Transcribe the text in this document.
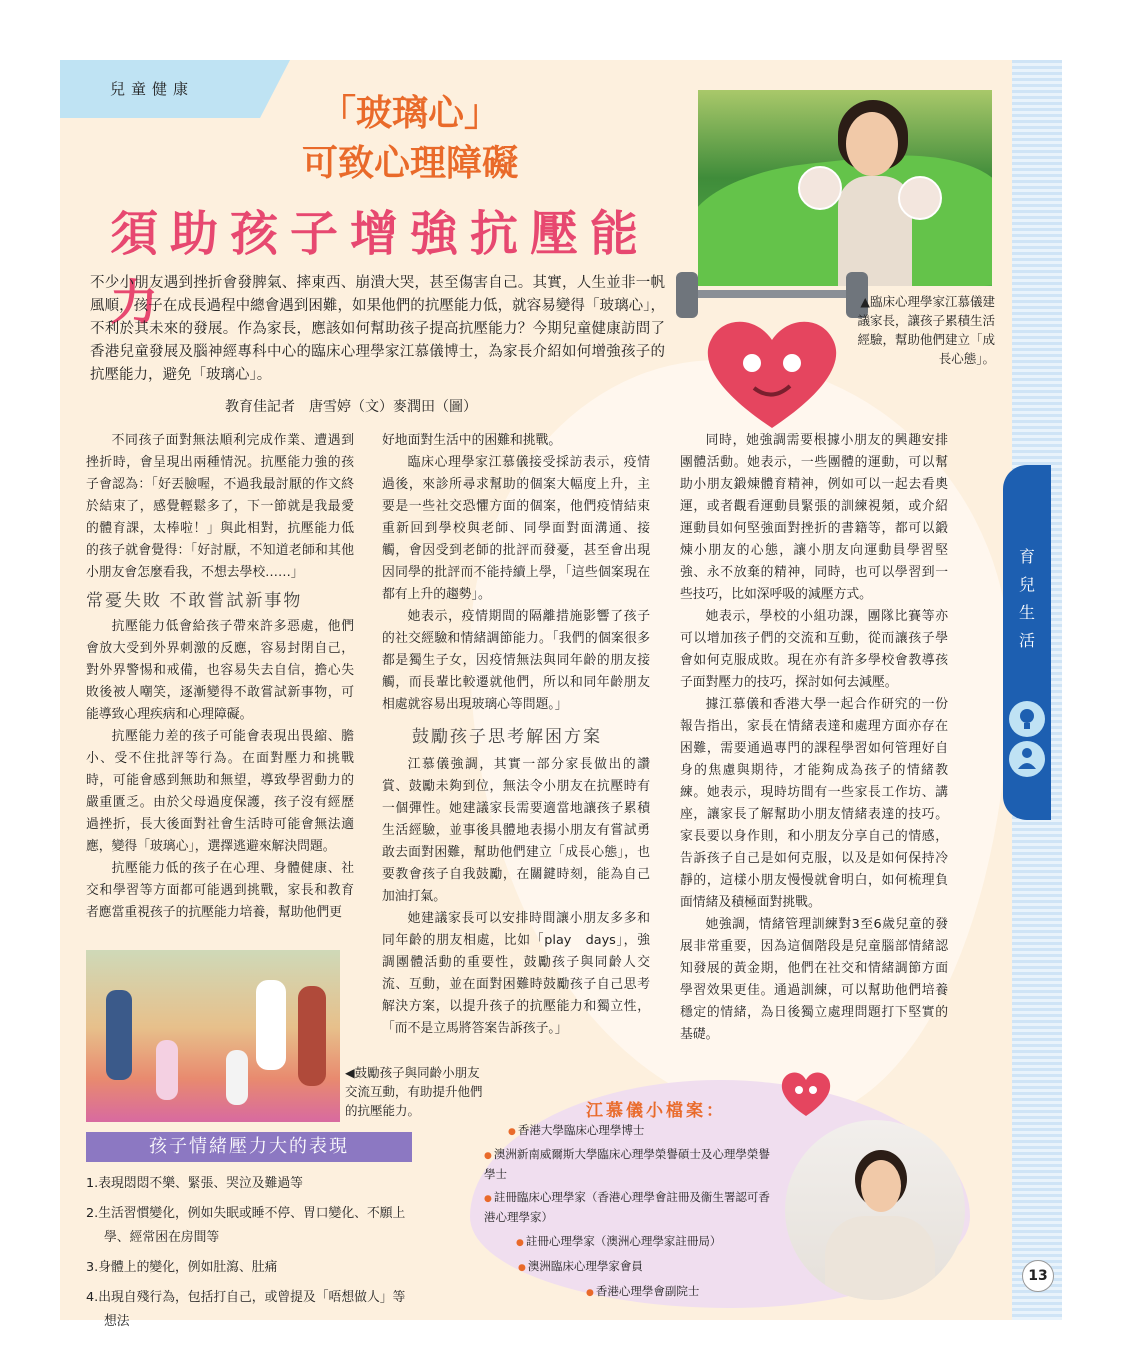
兒童健康
「玻璃心」
可致心理障礙
須助孩子增強抗壓能力	▲臨床心理學家江慕儀建議家長，讓孩子累積生活經驗，幫助他們建立「成長心態」。
不少小朋友遇到挫折會發脾氣、摔東西、崩潰大哭，甚至傷害自己。其實，人生並非一帆風順，孩子在成長過程中總會遇到困難，如果他們的抗壓能力低，就容易變得「玻璃心」，不利於其未來的發展。作為家長，應該如何幫助孩子提高抗壓能力？今期兒童健康訪問了香港兒童發展及腦神經專科中心的臨床心理學家江慕儀博士，為家長介紹如何增強孩子的抗壓能力，避免「玻璃心」。
教育佳記者　唐雪婷（文）麥潤田（圖）

不同孩子面對無法順利完成作業、遭遇到挫折時，會呈現出兩種情況。抗壓能力強的孩子會認為：「好丟臉喔，不過我最討厭的作文終於結束了，感覺輕鬆多了，下一節就是我最愛的體育課，太棒啦！」與此相對，抗壓能力低的孩子就會覺得：「好討厭，不知道老師和其他小朋友會怎麼看我，不想去學校……」

常憂失敗 不敢嘗試新事物

抗壓能力低會給孩子帶來許多惡處，他們會放大受到外界刺激的反應，容易封閉自己，對外界警惕和戒備，也容易失去自信，擔心失敗後被人嘲笑，逐漸變得不敢嘗試新事物，可能導致心理疾病和心理障礙。

抗壓能力差的孩子可能會表現出畏縮、膽小、受不住批評等行為。在面對壓力和挑戰時，可能會感到無助和無望，導致學習動力的嚴重匱乏。由於父母過度保護，孩子沒有經歷過挫折，長大後面對社會生活時可能會無法適應，變得「玻璃心」，選擇逃避來解決問題。

抗壓能力低的孩子在心理、身體健康、社交和學習等方面都可能遇到挑戰，家長和教育者應當重視孩子的抗壓能力培養，幫助他們更

好地面對生活中的困難和挑戰。

臨床心理學家江慕儀接受採訪表示，疫情過後，來診所尋求幫助的個案大幅度上升，主要是一些社交恐懼方面的個案，他們疫情結束重新回到學校與老師、同學面對面溝通、接觸，會因受到老師的批評而發憂，甚至會出現因同學的批評而不能持續上學，「這些個案現在都有上升的趨勢」。

她表示，疫情期間的隔離措施影響了孩子的社交經驗和情緒調節能力。「我們的個案很多都是獨生子女，因疫情無法與同年齡的朋友接觸，而長輩比較遷就他們，所以和同年齡朋友相處就容易出現玻璃心等問題。」

鼓勵孩子思考解困方案

江慕儀強調，其實一部分家長做出的讚賞、鼓勵未夠到位，無法令小朋友在抗壓時有一個彈性。她建議家長需要適當地讓孩子累積生活經驗，並事後具體地表揚小朋友有嘗試勇敢去面對困難，幫助他們建立「成長心態」，也要教會孩子自我鼓勵，在關鍵時刻，能為自己加油打氣。

她建議家長可以安排時間讓小朋友多多和同年齡的朋友相處，比如「play　days」，強調團體活動的重要性，鼓勵孩子與同齡人交流、互動，並在面對困難時鼓勵孩子自己思考解決方案，以提升孩子的抗壓能力和獨立性，「而不是立馬將答案告訴孩子。」

同時，她強調需要根據小朋友的興趣安排團體活動。她表示，一些團體的運動，可以幫助小朋友鍛煉體育精神，例如可以一起去看奧運，或者觀看運動員緊張的訓練視頻，或介紹運動員如何堅強面對挫折的書籍等，都可以鍛煉小朋友的心態，讓小朋友向運動員學習堅強、永不放棄的精神，同時，也可以學習到一些技巧，比如深呼吸的減壓方式。

她表示，學校的小組功課，團隊比賽等亦可以增加孩子們的交流和互動，從而讓孩子學會如何克服成敗。現在亦有許多學校會教導孩子面對壓力的技巧，探討如何去減壓。

據江慕儀和香港大學一起合作研究的一份報告指出，家長在情緒表達和處理方面亦存在困難，需要通過專門的課程學習如何管理好自身的焦慮與期待，才能夠成為孩子的情緒教練。她表示，現時坊間有一些家長工作坊、講座，讓家長了解幫助小朋友情緒表達的技巧。家長要以身作則，和小朋友分享自己的情感，告訴孩子自己是如何克服，以及是如何保持冷靜的，這樣小朋友慢慢就會明白，如何梳理負面情緒及積極面對挑戰。

她強調，情緒管理訓練對3至6歲兒童的發展非常重要，因為這個階段是兒童腦部情緒認知發展的黃金期，他們在社交和情緒調節方面學習效果更佳。通過訓練，可以幫助他們培養穩定的情緒，為日後獨立處理問題打下堅實的基礎。

◀鼓勵孩子與同齡小朋友交流互動，有助提升他們的抗壓能力。
孩子情緒壓力大的表現
1.表現悶悶不樂、緊張、哭泣及難過等
2.生活習慣變化，例如失眠或睡不停、胃口變化、不願上學、經常困在房間等
3.身體上的變化，例如肚瀉、肚痛
4.出現自殘行為，包括打自己，或曾提及「唔想做人」等想法
江慕儀小檔案：
● 香港大學臨床心理學博士
● 澳洲新南威爾斯大學臨床心理學榮譽碩士及心理學榮譽學士
● 註冊臨床心理學家（香港心理學會註冊及衞生署認可香港心理學家）
● 註冊心理學家（澳洲心理學家註冊局）
● 澳洲臨床心理學家會員
● 香港心理學會副院士
育兒生活
13
